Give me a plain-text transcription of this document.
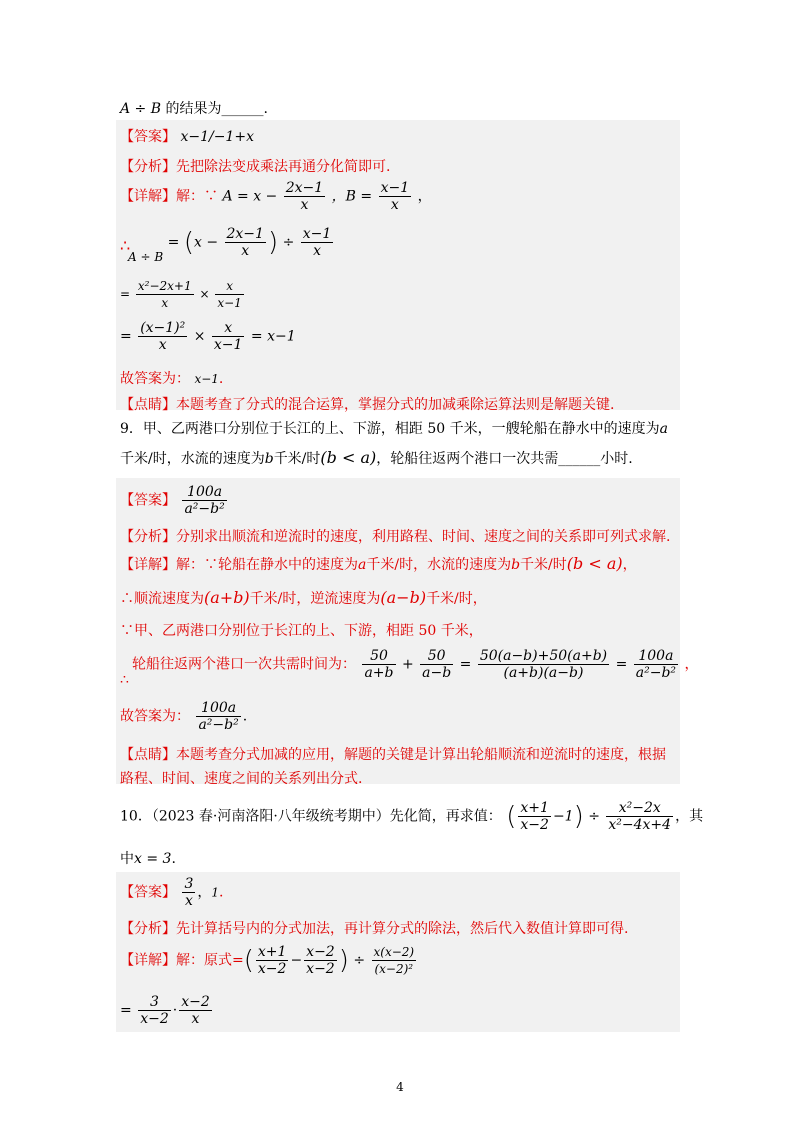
A ÷ B 的结果为______.
【答案】 x−1/−1+x
【分析】先把除法变成乘法再通分化简即可.
【详解】解：∵ $A = x - \frac{2x-1}{x}$ ，$B = \frac{x-1}{x}$ ，
∴
$A \div B = (x - \frac{2x-1}{x}$ ) ÷ $\frac{x-1}{x}$
= $\frac{\text{x²−2x+1}}{x} \times \frac{x}{x-1}$
= $\frac{\text{(x−1)²}}{x} \times \frac{x}{x-1} = x-1$
故答案为： x−1.
【点睛】本题考查了分式的混合运算，掌握分式的加减乘除运算法则是解题关键.
9．甲、乙两港口分别位于长江的上、下游，相距 50 千米，一艘轮船在静水中的速度为a
千米/时，水流的速度为b千米/时(b < a)，轮船往返两个港口一次共需______小时.
【答案】 $\frac{100a}{\text{a²−b²}}$
【分析】分别求出顺流和逆流时的速度，利用路程、时间、速度之间的关系即可列式求解.
【详解】解：∵轮船在静水中的速度为a千米/时，水流的速度为b千米/时(b < a)，
∴顺流速度为(a+b)千米/时，逆流速度为(a−b)千米/时，
∵甲、乙两港口分别位于长江的上、下游，相距 50 千米，
∴
轮船往返两个港口一次共需时间为： $\frac{50}{a+b} + \frac{50}{a-b} = \frac{50(a-b)+50(a+b)}{(a+b)(a-b)} = \frac{100a}{\text{a²−b²}}$ ，
故答案为： $\frac{100a}{\text{a²−b²}}$ .
【点睛】本题考查分式加减的应用，解题的关键是计算出轮船顺流和逆流时的速度，根据
路程、时间、速度之间的关系列出分式.
10．（2023 春·河南洛阳·八年级统考期中）先化简，再求值： ( $\frac{x+1}{x-2} -1) \div \frac{\text{x²−2x}}{\text{x²−4x+4}}$ ，其
中x = 3.
【答案】 $\frac{3}{x}$ ，1.
【分析】先计算括号内的分式加法，再计算分式的除法，然后代入数值计算即可得.
【详解】解：原式=( $\frac{x+1}{x-2} - \frac{x-2}{x-2}$ ) ÷ $\frac{x(x-2)}{\text{(x−2)²}}$
= $\frac{3}{x-2} \cdot \frac{x-2}{x}$
4
